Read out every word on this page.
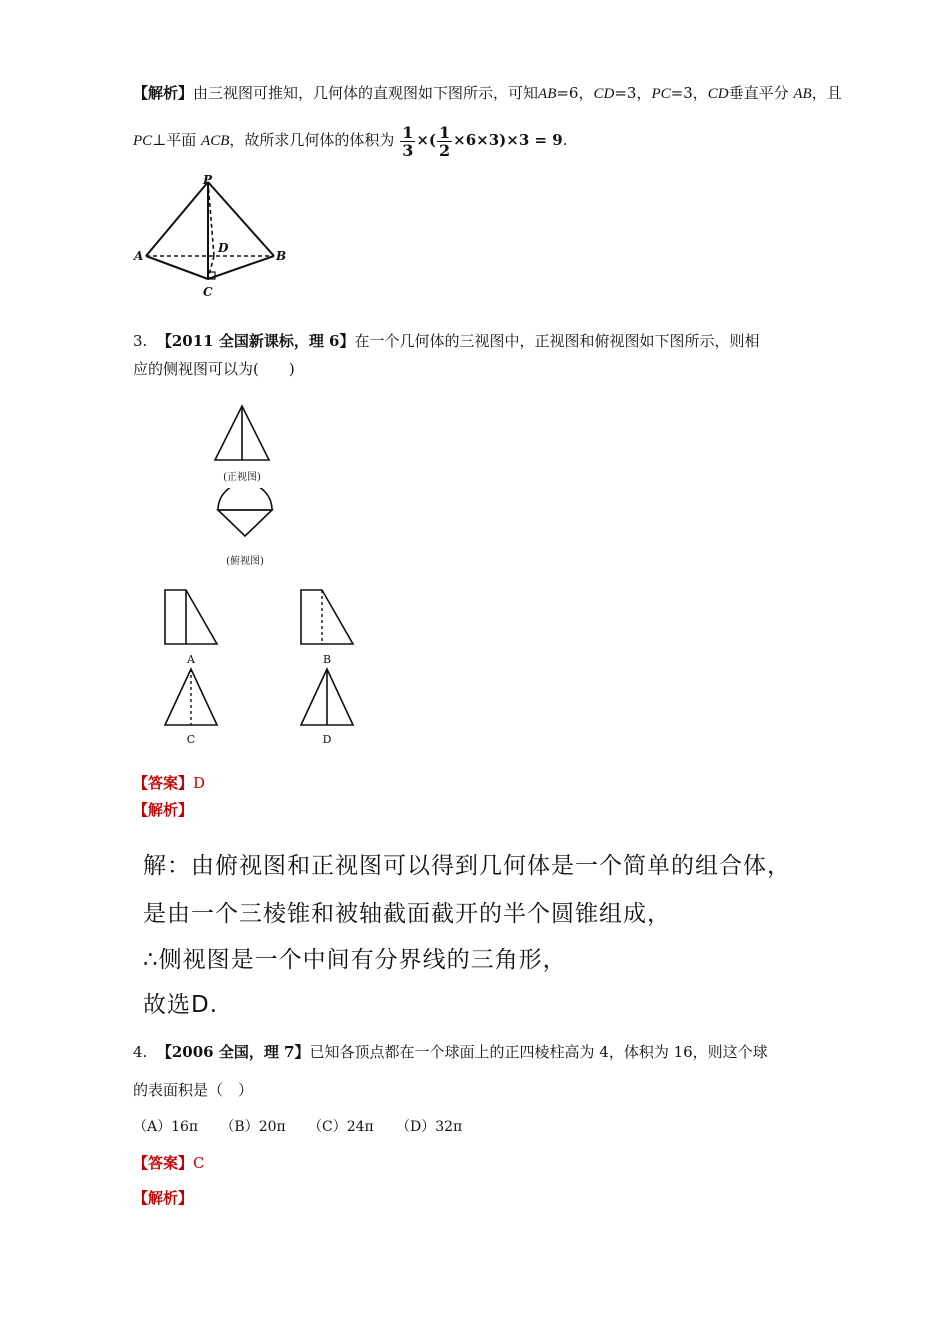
【解析】由三视图可推知，几何体的直观图如下图所示，可知AB=6，CD=3，PC=3，CD垂直平分 AB，且
PC⊥平面 ACB，故所求几何体的体积为 $\frac{1}{3}$ ×( $\frac{1}{2} \times 6\times 3)\times 3 = 9$.
P
A	B
C
D
3. 【2011 全国新课标，理 6】在一个几何体的三视图中，正视图和俯视图如下图所示，则相
应的侧视图可以为(　　)
(正视图)
(俯视图)
A	B
C	D
【答案】D
【解析】
解：由俯视图和正视图可以得到几何体是一个简单的组合体，
是由一个三棱锥和被轴截面截开的半个圆锥组成，
∴侧视图是一个中间有分界线的三角形，
故选D.
4. 【2006 全国，理 7】已知各顶点都在一个球面上的正四棱柱高为 4，体积为 16，则这个球
的表面积是（　）
（A）16π （B）20π （C）24π （D）32π
【答案】C
【解析】
